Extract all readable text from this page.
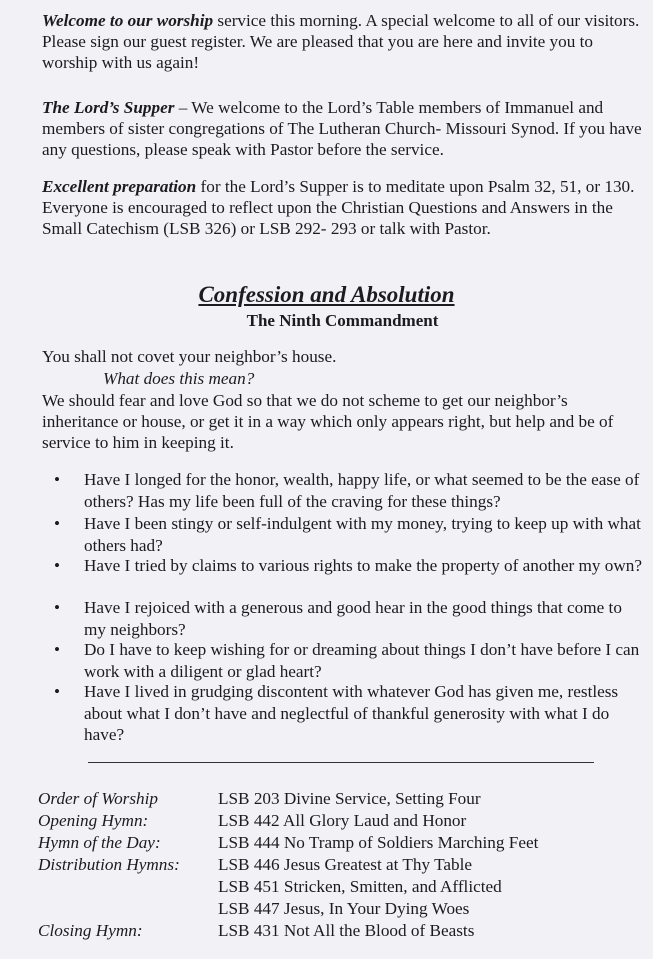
Welcome to our worship service this morning. A special welcome to all of our visitors. Please sign our guest register. We are pleased that you are here and invite you to worship with us again!

The Lord’s Supper – We welcome to the Lord’s Table members of Immanuel and members of sister congregations of The Lutheran Church- Missouri Synod. If you have any questions, please speak with Pastor before the service.

Excellent preparation for the Lord’s Supper is to meditate upon Psalm 32, 51, or 130. Everyone is encouraged to reflect upon the Christian Questions and Answers in the Small Catechism (LSB 326) or LSB 292- 293 or talk with Pastor.

Confession and Absolution
The Ninth Commandment
You shall not covet your neighbor’s house.
What does this mean?

We should fear and love God so that we do not scheme to get our neighbor’s inheritance or house, or get it in a way which only appears right, but help and be of service to him in keeping it.

•	Have I longed for the honor, wealth, happy life, or what seemed to be the ease of others? Has my life been full of the craving for these things?
•	Have I been stingy or self-indulgent with my money, trying to keep up with what others had?
•	Have I tried by claims to various rights to make the property of another my own?
•	Have I rejoiced with a generous and good hear in the good things that come to my neighbors?
•	Do I have to keep wishing for or dreaming about things I don’t have before I can work with a diligent or glad heart?
•	Have I lived in grudging discontent with whatever God has given me, restless about what I don’t have and neglectful of thankful generosity with what I do have?
Order of Worship	LSB 203 Divine Service, Setting Four
Opening Hymn:	LSB 442 All Glory Laud and Honor
Hymn of the Day:	LSB 444 No Tramp of Soldiers Marching Feet
Distribution Hymns: LSB 446 Jesus Greatest at Thy Table
LSB 451 Stricken, Smitten, and Afflicted
LSB 447 Jesus, In Your Dying Woes
Closing Hymn:	LSB 431 Not All the Blood of Beasts
